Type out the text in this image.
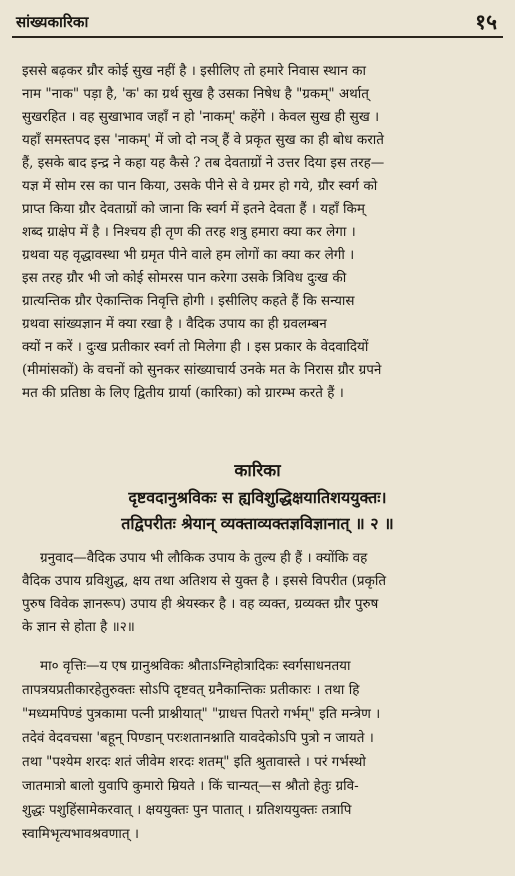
सांख्यकारिका	१५
इससे बढ़कर ग्रौर कोई सुख नहीं है । इसीलिए तो हमारे निवास स्थान का
नाम "नाक" पड़ा है, 'क' का ग्रर्थ सुख है उसका निषेध है "ग्रकम्" अर्थात्
सुखरहित । वह सुखाभाव जहाँ न हो 'नाकम्' कहेंगे । केवल सुख ही सुख ।
यहाँ समस्तपद इस 'नाकम्' में जो दो नञ् हैं वे प्रकृत सुख का ही बोध कराते
हैं, इसके बाद इन्द्र ने कहा यह कैसे ? तब देवताग्रों ने उत्तर दिया इस तरह—
यज्ञ में सोम रस का पान किया, उसके पीने से वे ग्रमर हो गये, ग्रौर स्वर्ग को
प्राप्त किया ग्रौर देवताग्रों को जाना कि स्वर्ग में इतने देवता हैं । यहाँ किम्
शब्द ग्राक्षेप में है । निश्चय ही तृण की तरह शत्रु हमारा क्या कर लेगा ।
ग्रथवा यह वृद्धावस्था भी ग्रमृत पीने वाले हम लोगों का क्या कर लेगी ।
इस तरह ग्रौर भी जो कोई सोमरस पान करेगा उसके त्रिविध दुःख की
ग्रात्यन्तिक ग्रौर ऐकान्तिक निवृत्ति होगी । इसीलिए कहते हैं कि सन्यास
ग्रथवा सांख्यज्ञान में क्या रखा है । वैदिक उपाय का ही ग्रवलम्बन
क्यों न करें । दुःख प्रतीकार स्वर्ग तो मिलेगा ही । इस प्रकार के वेदवादियों
(मीमांसकों) के वचनों को सुनकर सांख्याचार्य उनके मत के निरास ग्रौर ग्रपने
मत की प्रतिष्ठा के लिए द्वितीय ग्रार्या (कारिका) को ग्रारम्भ करते हैं ।
कारिका
दृष्टवदानुश्रविकः स ह्यविशुद्धिक्षयातिशययुक्तः।
तद्विपरीतः श्रेयान् व्यक्ताव्यक्तज्ञविज्ञानात् ॥ २ ॥
ग्रनुवाद—वैदिक उपाय भी लौकिक उपाय के तुल्य ही हैं । क्योंकि वह
वैदिक उपाय ग्रविशुद्ध, क्षय तथा अतिशय से युक्त है । इससे विपरीत (प्रकृति
पुरुष विवेक ज्ञानरूप) उपाय ही श्रेयस्कर है । वह व्यक्त, ग्रव्यक्त ग्रौर पुरुष
के ज्ञान से होता है ॥२॥
मा० वृत्तिः—य एष ग्रानुश्रविकः श्रौताऽग्निहोत्रादिकः स्वर्गसाधनतया
तापत्रयप्रतीकारहेतुरुक्तः सोऽपि दृष्टवत् ग्रनैकान्तिकः प्रतीकारः । तथा हि
"मध्यमपिण्डं पुत्रकामा पत्नी प्राश्नीयात्" "ग्राधत्त पितरो गर्भम्" इति मन्त्रेण ।
तदेवं वेदवचसा 'बहून् पिण्डान् परःशतानश्नाति यावदेकोऽपि पुत्रो न जायते ।
तथा "पश्येम शरदः शतं जीवेम शरदः शतम्" इति श्रुतावास्ते । परं गर्भस्थो
जातमात्रो बालो युवापि कुमारो म्रियते । किं चान्यत्—स श्रौतो हेतुः ग्रवि-
शुद्धः पशुहिंसामेकरवात् । क्षययुक्तः पुन पातात् । ग्रतिशययुक्तः तत्रापि
स्वामिभृत्यभावश्रवणात् ।
